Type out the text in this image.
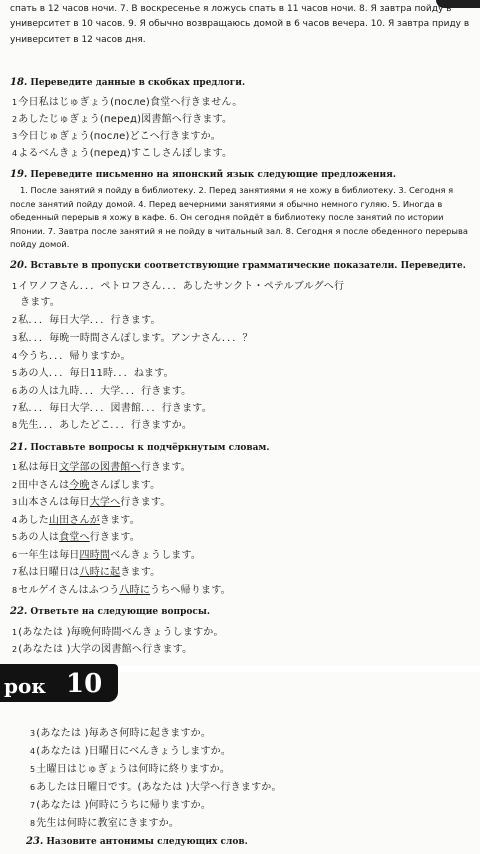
спать в 12 часов ночи. 7. В воскресенье я ложусь спать в 11 часов ночи. 8. Я завтра пойду в университет в 10 часов. 9. Я обычно возвращаюсь домой в 6 часов вечера. 10. Я завтра приду в университет в 12 часов дня.

18. Переведите данные в скобках предлоги.
1今日私はじゅぎょう(после)食堂へ行きません。
2あしたじゅぎょう(перед)図書館へ行きます。
3今日じゅぎょう(после)どこへ行きますか。
4よるべんきょう(перед)すこしさんぽします。
19. Переведите письменно на японский язык следующие предложения.

1. После занятий я пойду в библиотеку. 2. Перед занятиями я не хожу в библиотеку. 3. Сегодня я после занятий пойду домой. 4. Перед вечерними занятиями я обычно немного гуляю. 5. Иногда в обеденный перерыв я хожу в кафе. 6. Он сегодня пойдёт в библиотеку после занятий по истории Японии. 7. Завтра после занятий я не пойду в читальный зал. 8. Сегодня я после обеденного перерыва пойду домой.

20. Вставьте в пропуски соответствующие грамматические показатели. Переведите.
1イワノフさん．．．ペトロフさん．．．あしたサンクト・ペテルブルグへ行
きます。
2私．．．毎日大学．．．行きます。
3私．．．毎晩一時間さんぽします。アンナさん．．．？
4今うち．．．帰りますか。
5あの人．．．毎日11時．．．ねます。
6あの人は九時．．．大学．．．行きます。
7私．．．毎日大学．．．図書館．．．行きます。
8先生．．．あしたどこ．．．行きますか。
21. Поставьте вопросы к подчёркнутым словам.
1私は毎日文学部の図書館へ行きます。
2田中さんは今晩さんぽします。
3山本さんは毎日大学へ行きます。
4あした山田さんがきます。
5あの人は食堂へ行きます。
6一年生は毎日四時間べんきょうします。
7私は日曜日は八時に起きます。
8セルゲイさんはふつう八時にうちへ帰ります。
22. Ответьте на следующие вопросы.
1(あなたは )毎晩何時間べんきょうしますか。
2(あなたは )大学の図書館へ行きます。
рок 10
3(あなたは )毎あさ何時に起きますか。
4(あなたは )日曜日にべんきょうしますか。
5土曜日はじゅぎょうは何時に終りますか。
6あしたは日曜日です。(あなたは )大学へ行きますか。
7(あなたは )何時にうちに帰りますか。
8先生は何時に教室にきますか。
23. Назовите антонимы следующих слов.
